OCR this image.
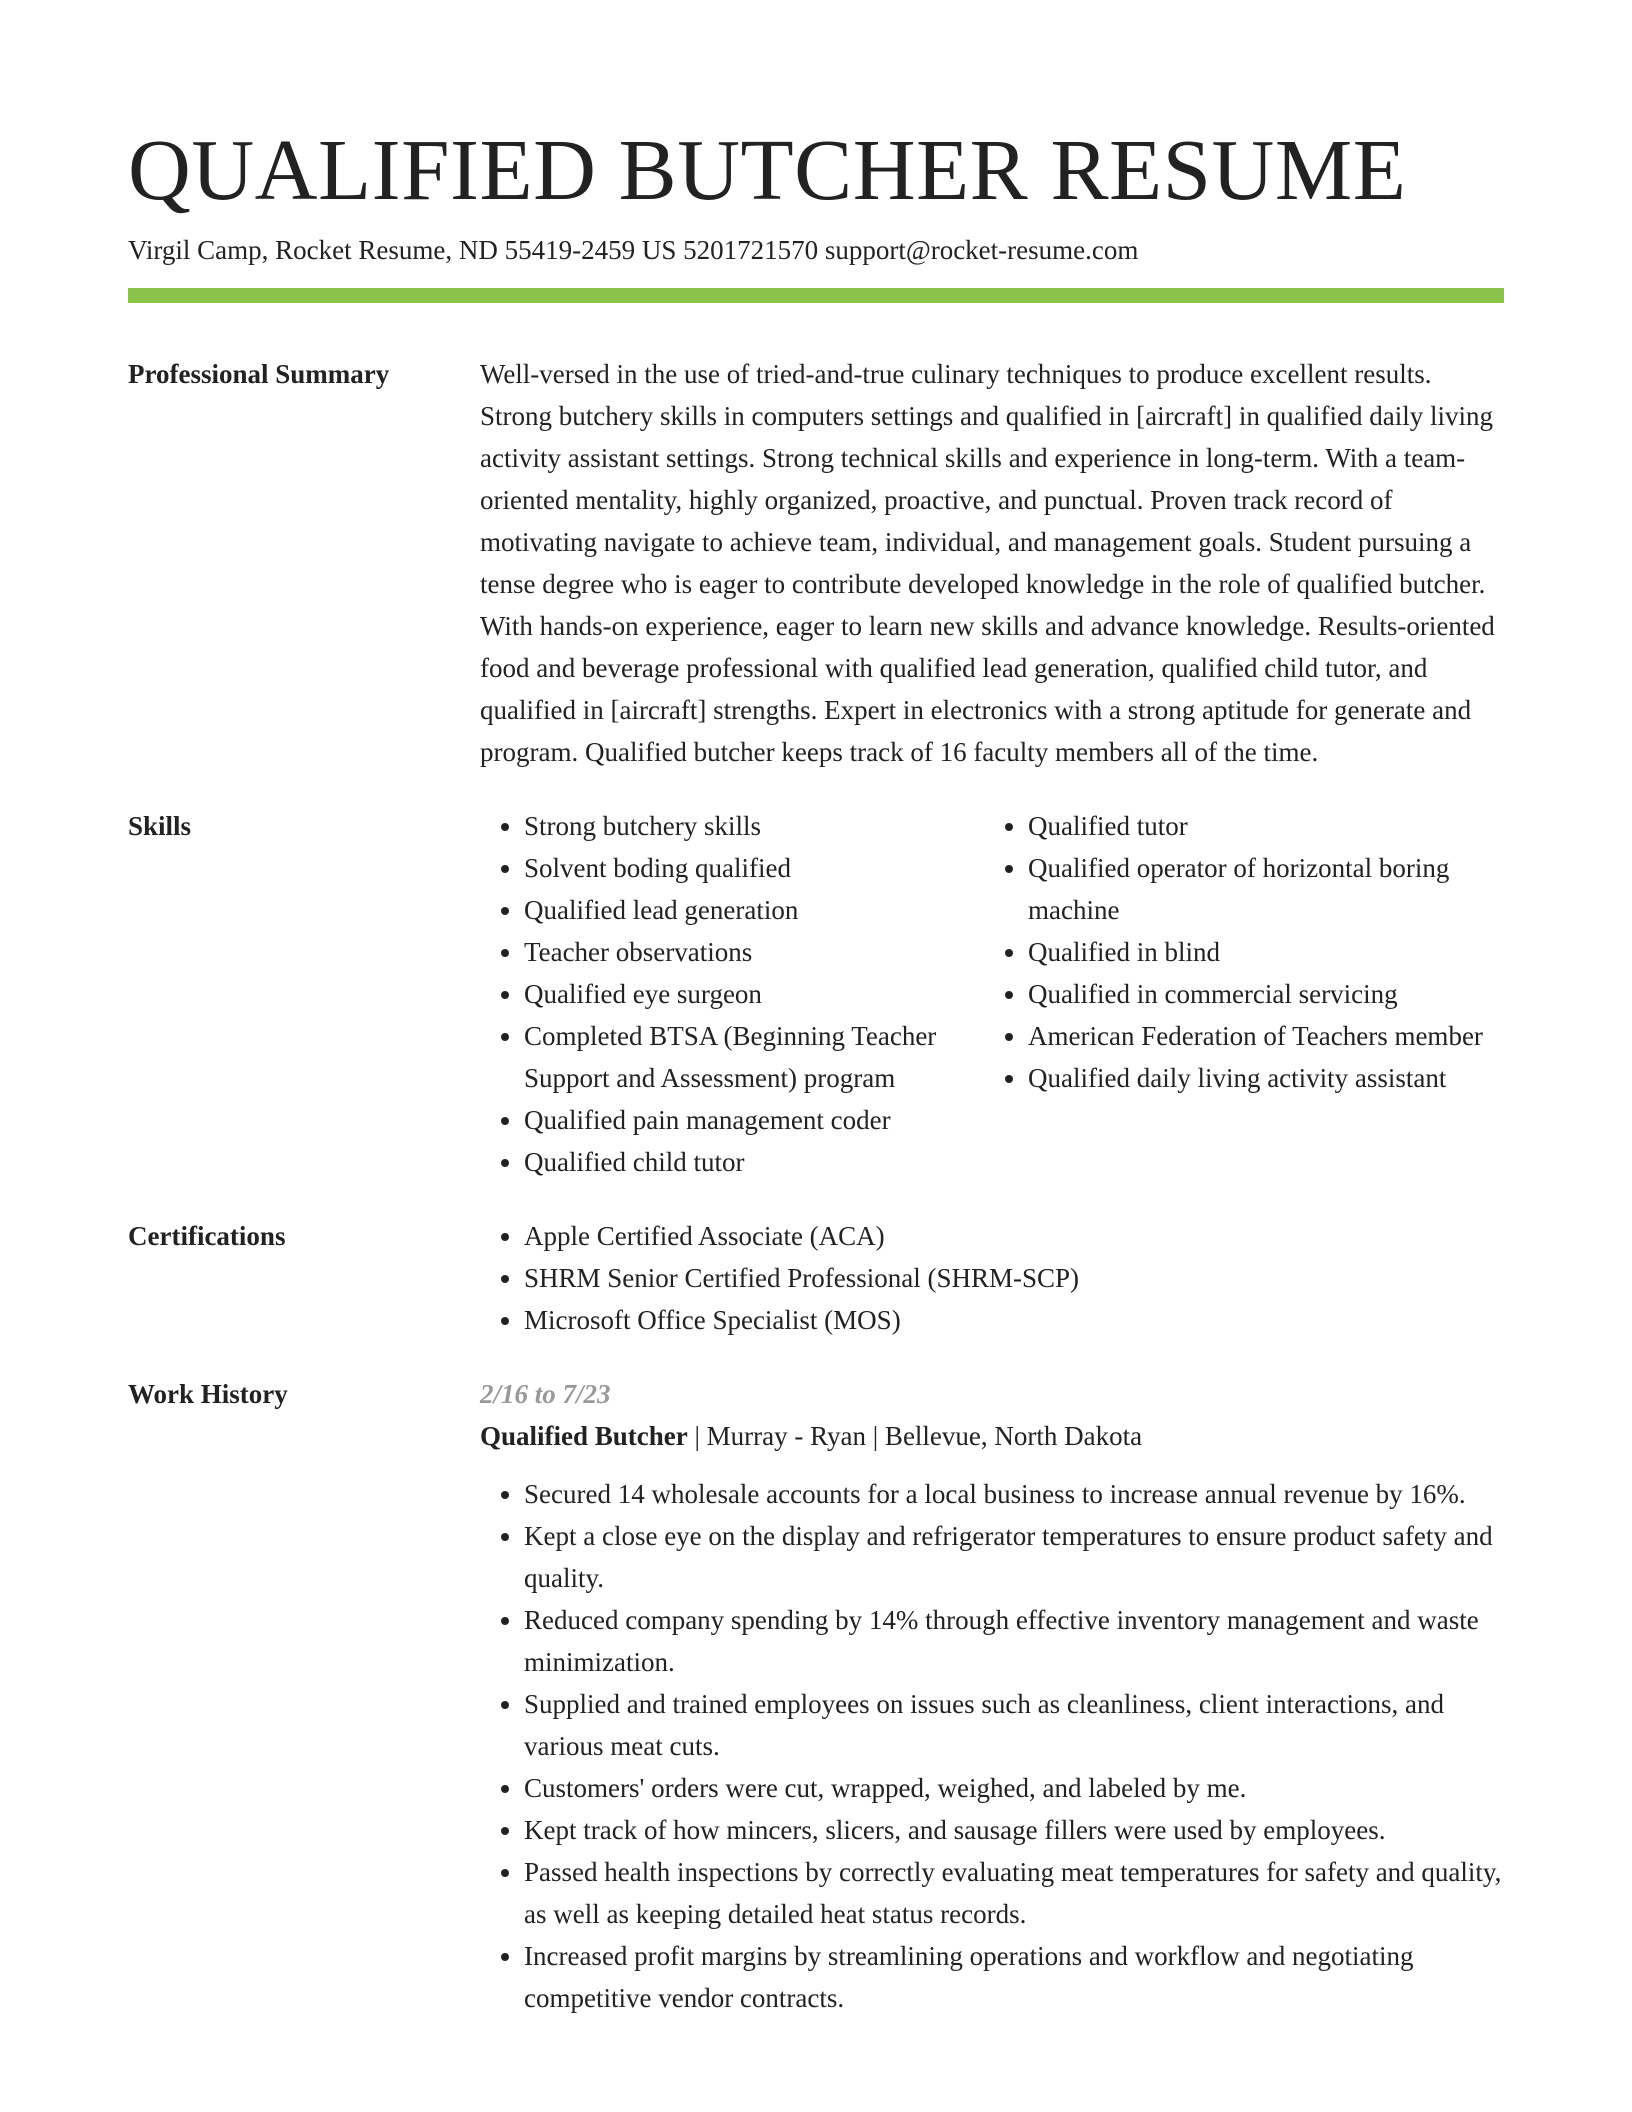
QUALIFIED BUTCHER RESUME
Virgil Camp, Rocket Resume, ND 55419-2459 US 5201721570 support@rocket-resume.com
Professional Summary	Well-versed in the use of tried-and-true culinary techniques to produce excellent results. Strong butchery skills in computers settings and qualified in [aircraft] in qualified daily living activity assistant settings. Strong technical skills and experience in long-term. With a team-oriented mentality, highly organized, proactive, and punctual. Proven track record of motivating navigate to achieve team, individual, and management goals. Student pursuing a tense degree who is eager to contribute developed knowledge in the role of qualified butcher. With hands-on experience, eager to learn new skills and advance knowledge. Results-oriented food and beverage professional with qualified lead generation, qualified child tutor, and qualified in [aircraft] strengths. Expert in electronics with a strong aptitude for generate and program. Qualified butcher keeps track of 16 faculty members all of the time.
Skills	• Strong butchery skills
• Solvent boding qualified
• Qualified lead generation
• Teacher observations
• Qualified eye surgeon
• Completed BTSA (Beginning Teacher Support and Assessment) program
• Qualified pain management coder
• Qualified child tutor
• Qualified tutor
• Qualified operator of horizontal boring machine
• Qualified in blind
• Qualified in commercial servicing
• American Federation of Teachers member
• Qualified daily living activity assistant
Certifications	• Apple Certified Associate (ACA)
• SHRM Senior Certified Professional (SHRM-SCP)
• Microsoft Office Specialist (MOS)
Work History	2/16 to 7/23
Qualified Butcher | Murray - Ryan | Bellevue, North Dakota
• Secured 14 wholesale accounts for a local business to increase annual revenue by 16%.
• Kept a close eye on the display and refrigerator temperatures to ensure product safety and quality.
• Reduced company spending by 14% through effective inventory management and waste minimization.
• Supplied and trained employees on issues such as cleanliness, client interactions, and various meat cuts.
• Customers' orders were cut, wrapped, weighed, and labeled by me.
• Kept track of how mincers, slicers, and sausage fillers were used by employees.
• Passed health inspections by correctly evaluating meat temperatures for safety and quality, as well as keeping detailed heat status records.
• Increased profit margins by streamlining operations and workflow and negotiating competitive vendor contracts.
